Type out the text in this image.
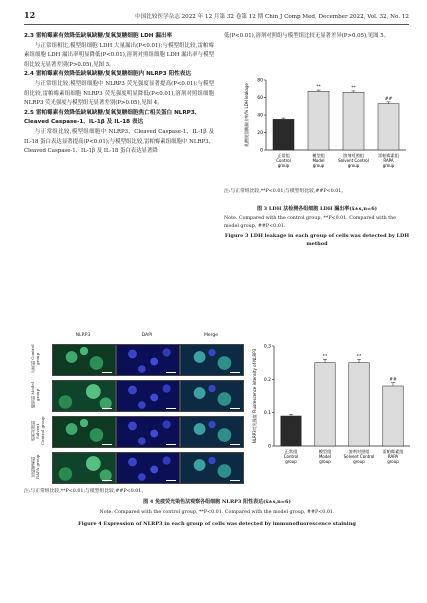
12	中国比较医学杂志 2022 年 12 月第 32 卷第 12 期 Chin J Comp Med, December 2022, Vol. 32, No. 12
2.3 雷帕霉素有效降低缺氧缺糖/复氧复糖细胞 LDH 漏出率
与正常组相比,模型组细胞 LDH 大量漏出(P<0.01);与模型组比较,雷帕霉素组细胞 LDH 漏出率明显降低(P<0.01),溶剂对照组细胞 LDH 漏出率与模型组比较无显著差别(P>0.05),见图 3。
2.4 雷帕霉素有效降低缺氧缺糖/复氧复糖细胞内 NLRP3 阳性表达
与正常组比较,模型组细胞中 NLRP3 荧光强度显著提高(P<0.01);与模型组比较,雷帕霉素组细胞 NLRP3 荧光强度明显降低(P<0.01),溶剂对照组细胞 NLRP3 荧光强度与模型组无显著差别(P>0.05),见图 4。
2.5 雷帕霉素有效降低缺氧缺糖/复氧复糖细胞焦亡相关蛋白 NLRP3、Cleaved Caspase-1、IL-1β 及 IL-18 表达
与正常组比较,模型组细胞中 NLRP3、Cleaved Caspase-1、IL-1β 及 IL-18 蛋白表达显著提高(P<0.01);与模型组比较,雷帕霉素组细胞中 NLRP3、Cleaved Caspase-1、IL-1β 及 IL-18 蛋白表达显著降
低(P<0.01),溶剂对照组与模型组比较无显著差异(P>0.05),见图 5。
0
20
40
60
80
乳酸脱氢酶漏出率/% LDH leakage
正常组
Control
group
**
模型组
Model
group
**
溶剂对照组
Solvent Control
group
##
雷帕霉素组
RAPA
group
注:与正常组比较,**P<0.01;与模型组比较,##P<0.01。
图 3 LDH 法检测各组细胞 LDH 漏出率(x̄±s,n=6)
Note. Compared with the control group, **P<0.01. Compared with the model group, ##P<0.01.
Figure 3 LDH leakage in each group of cells was detected by LDH method
NLRP3	DAPI	Merge
正常组 Control group
模型组 Model group
溶剂对照组 Solvent Control group
雷帕霉素组 RAPA group
0
0.1
0.2
0.3
NLRP3荧光强度 Fluorescence intensity of NLRP3
正常组
Control
group
**
模型组
Model
group
**
溶剂对照组
Solvent Control
group
##
雷帕霉素组
RAPA
group
注:与正常组比较,**P<0.01;与模型组比较,##P<0.01。
图 4 免疫荧光染色法观察各组细胞 NLRP3 阳性表达(x̄±s,n=6)
Note. Compared with the control group, **P<0.01. Compared with the model group, ##P<0.01.
Figure 4 Expression of NLRP3 in each group of cells was detected by immunofluorescence staining
